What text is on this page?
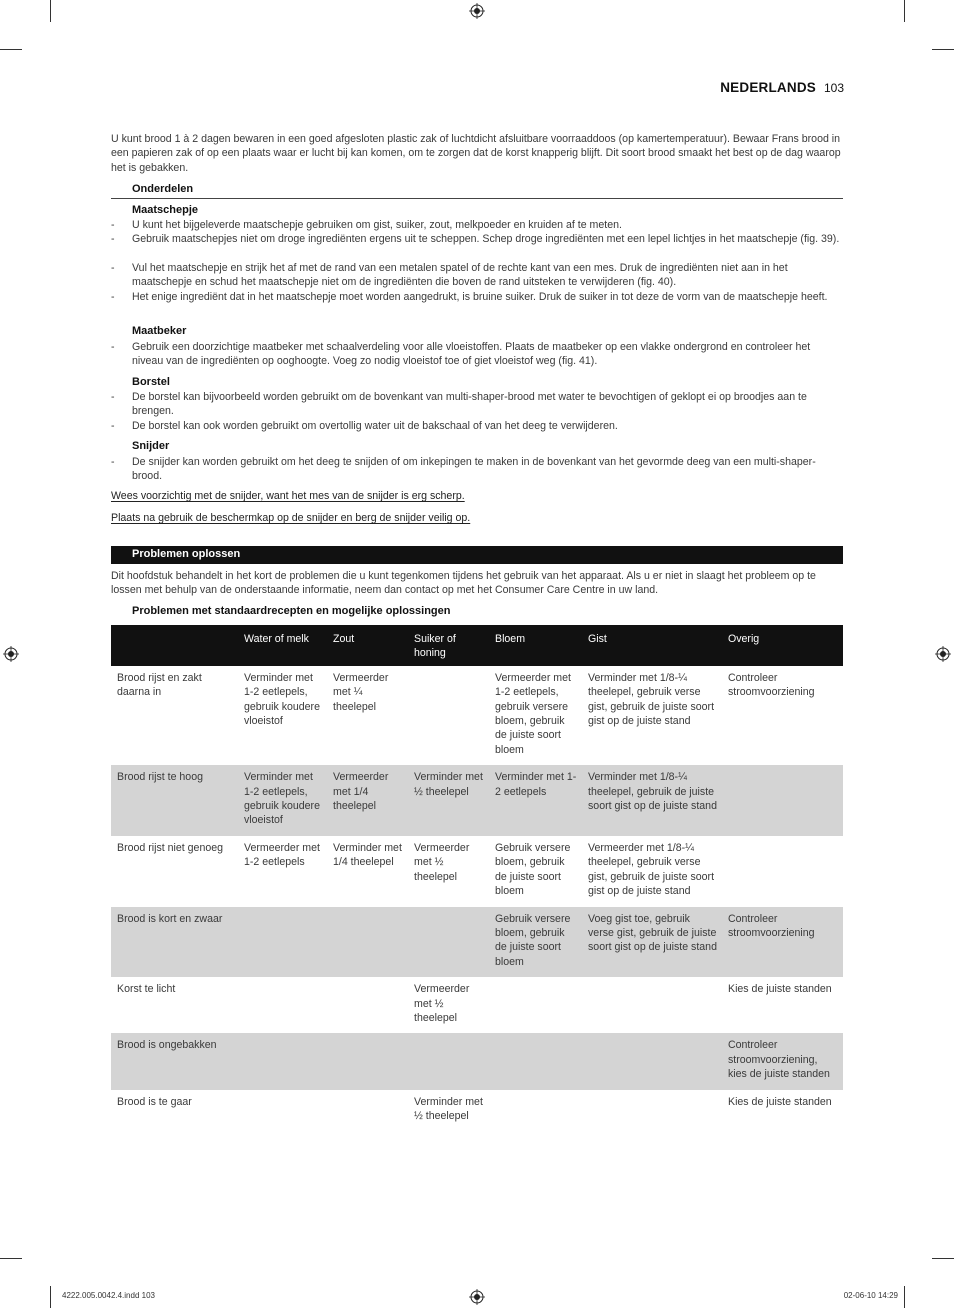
NEDERLANDS 103

U kunt brood 1 à 2 dagen bewaren in een goed afgesloten plastic zak of luchtdicht afsluitbare voorraaddoos (op kamertemperatuur). Bewaar Frans brood in een papieren zak of op een plaats waar er lucht bij kan komen, om te zorgen dat de korst knapperig blijft. Dit soort brood smaakt het best op de dag waarop het is gebakken.

Onderdelen
Maatschepje
- U kunt het bijgeleverde maatschepje gebruiken om gist, suiker, zout, melkpoeder en kruiden af te meten.
- Gebruik maatschepjes niet om droge ingrediënten ergens uit te scheppen. Schep droge ingrediënten met een lepel lichtjes in het maatschepje (fig. 39).
- Vul het maatschepje en strijk het af met de rand van een metalen spatel of de rechte kant van een mes. Druk de ingrediënten niet aan in het maatschepje en schud het maatschepje niet om de ingrediënten die boven de rand uitsteken te verwijderen (fig. 40).
- Het enige ingrediënt dat in het maatschepje moet worden aangedrukt, is bruine suiker. Druk de suiker in tot deze de vorm van de maatschepje heeft.
Maatbeker
- Gebruik een doorzichtige maatbeker met schaalverdeling voor alle vloeistoffen. Plaats de maatbeker op een vlakke ondergrond en controleer het niveau van de ingrediënten op ooghoogte. Voeg zo nodig vloeistof toe of giet vloeistof weg (fig. 41).
Borstel
- De borstel kan bijvoorbeeld worden gebruikt om de bovenkant van multi-shaper-brood met water te bevochtigen of geklopt ei op broodjes aan te brengen.
- De borstel kan ook worden gebruikt om overtollig water uit de bakschaal of van het deeg te verwijderen.
Snijder
- De snijder kan worden gebruikt om het deeg te snijden of om inkepingen te maken in de bovenkant van het gevormde deeg van een multi-shaper-brood.
Wees voorzichtig met de snijder, want het mes van de snijder is erg scherp.
Plaats na gebruik de beschermkap op de snijder en berg de snijder veilig op.
Problemen oplossen

Dit hoofdstuk behandelt in het kort de problemen die u kunt tegenkomen tijdens het gebruik van het apparaat. Als u er niet in slaagt het probleem op te lossen met behulp van de onderstaande informatie, neem dan contact op met het Consumer Care Centre in uw land.

Problemen met standaardrecepten en mogelijke oplossingen
	Water of melk	Zout	Suiker of honing	Bloem	Gist	Overig
Brood rijst en zakt daarna in	Verminder met 1-2 eetlepels, gebruik koudere vloeistof	Vermeerder met ¼ theelepel		Vermeerder met 1-2 eetlepels, gebruik versere bloem, gebruik de juiste soort bloem	Verminder met 1/8-¼ theelepel, gebruik verse gist, gebruik de juiste soort gist op de juiste stand	Controleer stroomvoorziening
Brood rijst te hoog	Verminder met 1-2 eetlepels, gebruik koudere vloeistof	Vermeerder met 1/4 theelepel	Verminder met ½ theelepel	Verminder met 1-2 eetlepels	Verminder met 1/8-¼ theelepel, gebruik de juiste soort gist op de juiste stand	
Brood rijst niet genoeg	Vermeerder met 1-2 eetlepels	Verminder met 1/4 theelepel	Vermeerder met ½ theelepel	Gebruik versere bloem, gebruik de juiste soort bloem	Vermeerder met 1/8-¼ theelepel, gebruik verse gist, gebruik de juiste soort gist op de juiste stand	
Brood is kort en zwaar				Gebruik versere bloem, gebruik de juiste soort bloem	Voeg gist toe, gebruik verse gist, gebruik de juiste soort gist op de juiste stand	Controleer stroomvoorziening
Korst te licht			Vermeerder met ½ theelepel			Kies de juiste standen
Brood is ongebakken						Controleer stroomvoorziening, kies de juiste standen
Brood is te gaar			Verminder met ½ theelepel			Kies de juiste standen
4222.005.0042.4.indd 103	02-06-10 14:29
